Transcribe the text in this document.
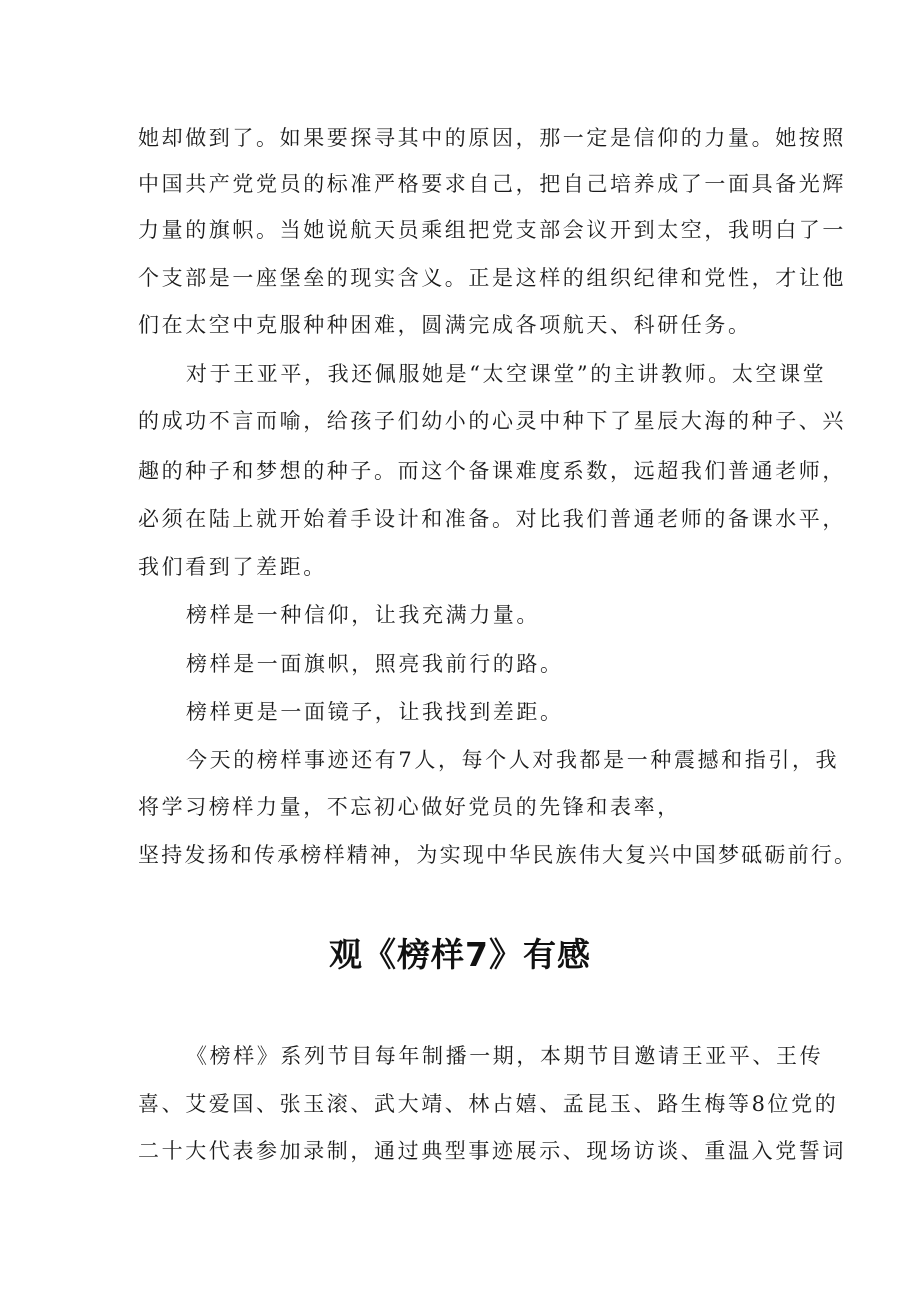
她却做到了。如果要探寻其中的原因，那一定是信仰的力量。她按照
中国共产党党员的标准严格要求自己，把自己培养成了一面具备光辉
力量的旗帜。当她说航天员乘组把党支部会议开到太空，我明白了一
个支部是一座堡垒的现实含义。正是这样的组织纪律和党性，才让他
们在太空中克服种种困难，圆满完成各项航天、科研任务。
对于王亚平，我还佩服她是“太空课堂”的主讲教师。太空课堂
的成功不言而喻，给孩子们幼小的心灵中种下了星辰大海的种子、兴
趣的种子和梦想的种子。而这个备课难度系数，远超我们普通老师，
必须在陆上就开始着手设计和准备。对比我们普通老师的备课水平，
我们看到了差距。
榜样是一种信仰，让我充满力量。
榜样是一面旗帜，照亮我前行的路。
榜样更是一面镜子，让我找到差距。
今天的榜样事迹还有7人，每个人对我都是一种震撼和指引，我
将学习榜样力量，不忘初心做好党员的先锋和表率，
坚持发扬和传承榜样精神，为实现中华民族伟大复兴中国梦砥砺前行。
观《榜样7》有感
《榜样》系列节目每年制播一期，本期节目邀请王亚平、王传
喜、艾爱国、张玉滚、武大靖、林占嬉、孟昆玉、路生梅等8位党的
二十大代表参加录制，通过典型事迹展示、现场访谈、重温入党誓词
